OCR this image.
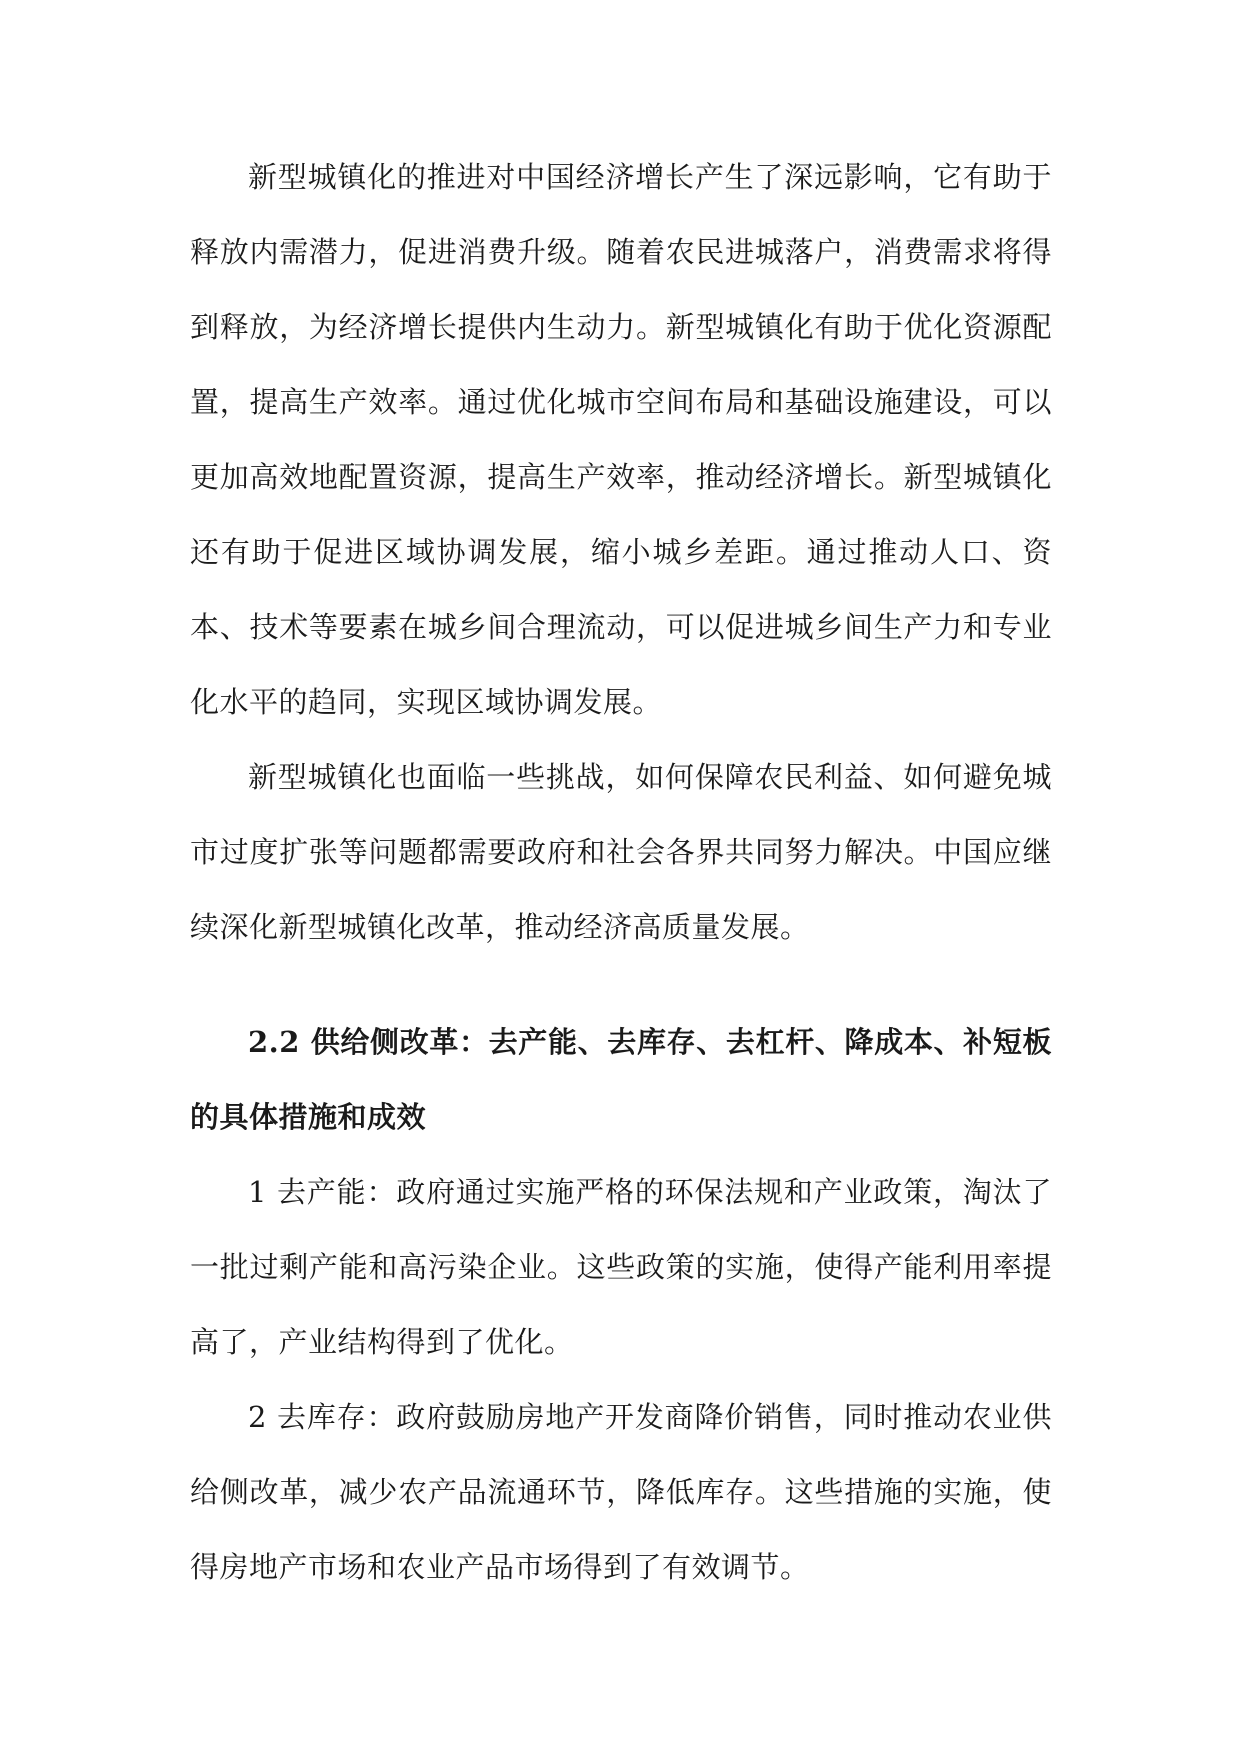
新型城镇化的推进对中国经济增长产生了深远影响，它有助于释放内需潜力，促进消费升级。随着农民进城落户，消费需求将得到释放，为经济增长提供内生动力。新型城镇化有助于优化资源配置，提高生产效率。通过优化城市空间布局和基础设施建设，可以更加高效地配置资源，提高生产效率，推动经济增长。新型城镇化还有助于促进区域协调发展，缩小城乡差距。通过推动人口、资本、技术等要素在城乡间合理流动，可以促进城乡间生产力和专业化水平的趋同，实现区域协调发展。

新型城镇化也面临一些挑战，如何保障农民利益、如何避免城市过度扩张等问题都需要政府和社会各界共同努力解决。中国应继续深化新型城镇化改革，推动经济高质量发展。

2.2 供给侧改革：去产能、去库存、去杠杆、降成本、补短板的具体措施和成效

1 去产能：政府通过实施严格的环保法规和产业政策，淘汰了一批过剩产能和高污染企业。这些政策的实施，使得产能利用率提高了，产业结构得到了优化。

2 去库存：政府鼓励房地产开发商降价销售，同时推动农业供给侧改革，减少农产品流通环节，降低库存。这些措施的实施，使得房地产市场和农业产品市场得到了有效调节。
